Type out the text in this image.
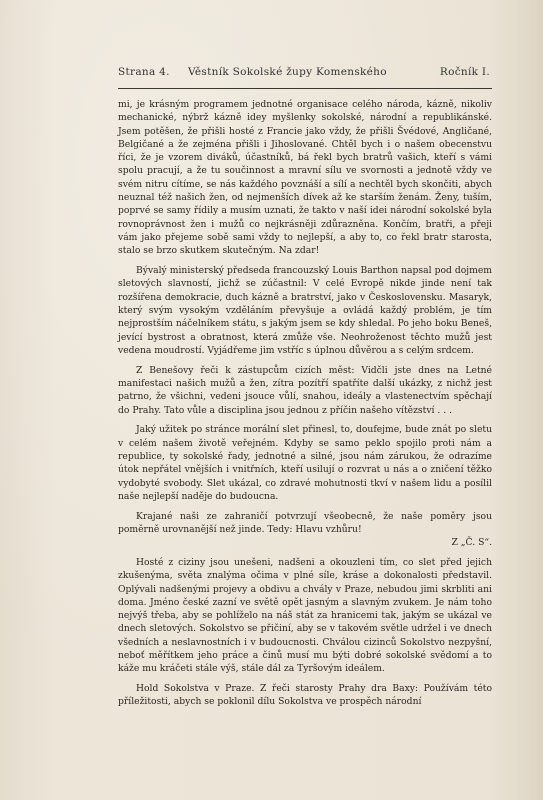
Strana 4. Věstník Sokolské župy Komenského	Ročník I.

mi, je krásným programem jednotné organisace celého národa, kázně, nikoliv mechanické, nýbrž kázně idey myšlenky sokolské, národní a republikánské. Jsem potěšen, že přišli hosté z Francie jako vždy, že přišli Švédové, Angličané, Belgičané a že zejména přišli i Jihoslované. Chtěl bych i o našem obecenstvu říci, že je vzorem diváků, účastníků, bá řekl bych bratrů vašich, kteří s vámi spolu pracují, a že tu součinnost a mravní sílu ve svornosti a jednotě vždy ve svém nitru cítíme, se nás každého povznáší a sílí a nechtěl bych skončiti, abych neuznal též našich žen, od nejmenších dívek až ke starším ženám. Ženy, tuším, poprvé se samy řídily a musím uznati, že takto v naší idei národní sokolské byla rovnoprávnost žen i mužů co nejkrásněji zdůrazněna. Končím, bratři, a přeji vám jako přejeme sobě sami vždy to nejlepší, a aby to, co řekl bratr starosta, stalo se brzo skutkem skutečným. Na zdar!

Bývalý ministerský předseda francouzský Louis Barthon napsal pod dojmem sletových slavností, jichž se zúčastnil: V celé Evropě nikde jinde není tak rozšířena demokracie, duch kázně a bratrství, jako v Československu. Masaryk, který svým vysokým vzděláním převyšuje a ovládá každý problém, je tím nejprostším náčelníkem státu, s jakým jsem se kdy shledal. Po jeho boku Beneš, jevící bystrost a obratnost, která zmůže vše. Neohroženost těchto mužů jest vedena moudrostí. Vyjádřeme jim vstříc s úplnou důvěrou a s celým srdcem.

Z Benešovy řeči k zástupcům cizích měst: Vidčli jste dnes na Letné manifestaci našich mužů a žen, zítra pozítří spatříte další ukázky, z nichž jest patrno, že všichni, vedeni jsouce vůlí, snahou, ideály a vlastenectvím spěchají do Prahy. Tato vůle a disciplina jsou jednou z příčin našeho vítězství . . .

Jaký užitek po stránce morální slet přinesl, to, doufejme, bude znát po sletu v celém našem životě veřejném. Kdyby se samo peklo spojilo proti nám a republice, ty sokolské řady, jednotné a silné, jsou nám zárukou, že odrazíme útok nepřátel vnějších i vnitřních, kteří usilují o rozvrat u nás a o zničení těžko vydobyté svobody. Slet ukázal, co zdravé mohutnosti tkví v našem lidu a posílil naše nejlepší naděje do budoucna.

Krajané naši ze zahraničí potvrzují všeobecně, že naše poměry jsou poměrně urovnanější než jinde. Tedy: Hlavu vzhůru!
Z „Č. S“.

Hosté z ciziny jsou unešeni, nadšeni a okouzleni tím, co slet před jejich zkušenýma, světa znalýma očima v plné síle, kráse a dokonalosti představil. Oplývali nadšenými projevy a obdivu a chvály v Praze, nebudou jimi skrbliti ani doma. Jméno české zazní ve světě opět jasným a slavným zvukem. Je nám toho nejvýš třeba, aby se pohlíželo na náš stát za hranicemi tak, jakým se ukázal ve dnech sletových. Sokolstvo se přičiní, aby se v takovém světle udržel i ve dnech všedních a neslavnostních i v budoucnosti. Chválou cizinců Sokolstvo nezpyšní, neboť měřítkem jeho práce a činů musí mu býti dobré sokolské svědomí a to káže mu kráčeti stále výš, stále dál za Tyršovým ideálem.

Hold Sokolstva v Praze. Z řeči starosty Prahy dra Baxy: Používám této příležitosti, abych se poklonil dílu Sokolstva ve prospěch národní
